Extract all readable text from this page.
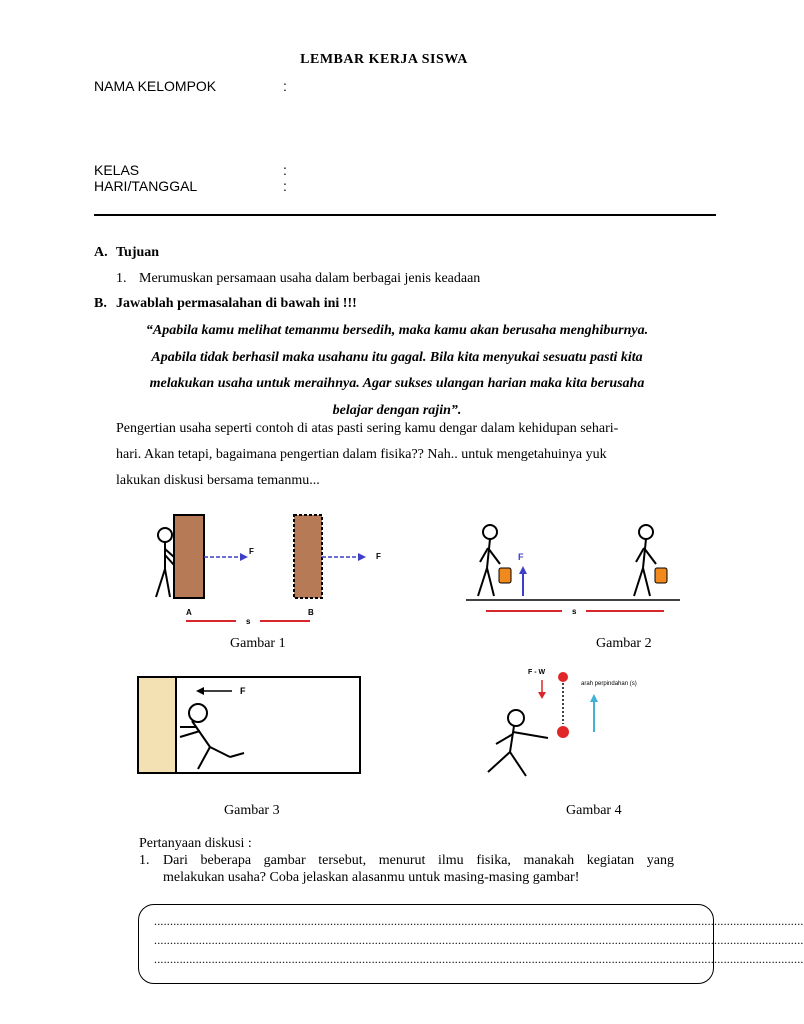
LEMBAR KERJA SISWA
NAMA KELOMPOK	:
KELAS	:
HARI/TANGGAL	:
A. Tujuan
1. Merumuskan persamaan usaha dalam berbagai jenis keadaan
B. Jawablah permasalahan di bawah ini !!!
“Apabila kamu melihat temanmu bersedih, maka kamu akan berusaha menghiburnya.
Apabila tidak berhasil maka usahanu itu gagal. Bila kita menyukai sesuatu pasti kita
melakukan usaha untuk meraihnya. Agar sukses ulangan harian maka kita berusaha
belajar dengan rajin”.
Pengertian usaha seperti contoh di atas pasti sering kamu dengar dalam kehidupan sehari-
hari. Akan tetapi, bagaimana pengertian dalam fisika?? Nah.. untuk mengetahuinya yuk
lakukan diskusi bersama temanmu...
F
F
A	B
s
Gambar 1
F
s
Gambar 2
F
Gambar 3
F - W
arah perpindahan (s)
Gambar 4
Pertanyaan diskusi :
1. Dari beberapa gambar tersebut, menurut ilmu fisika, manakah kegiatan yang
melakukan usaha? Coba jelaskan alasanmu untuk masing-masing gambar!
...........................................................................................................................................................................................................
...........................................................................................................................................................................................................
...........................................................................................................................................................................................................
